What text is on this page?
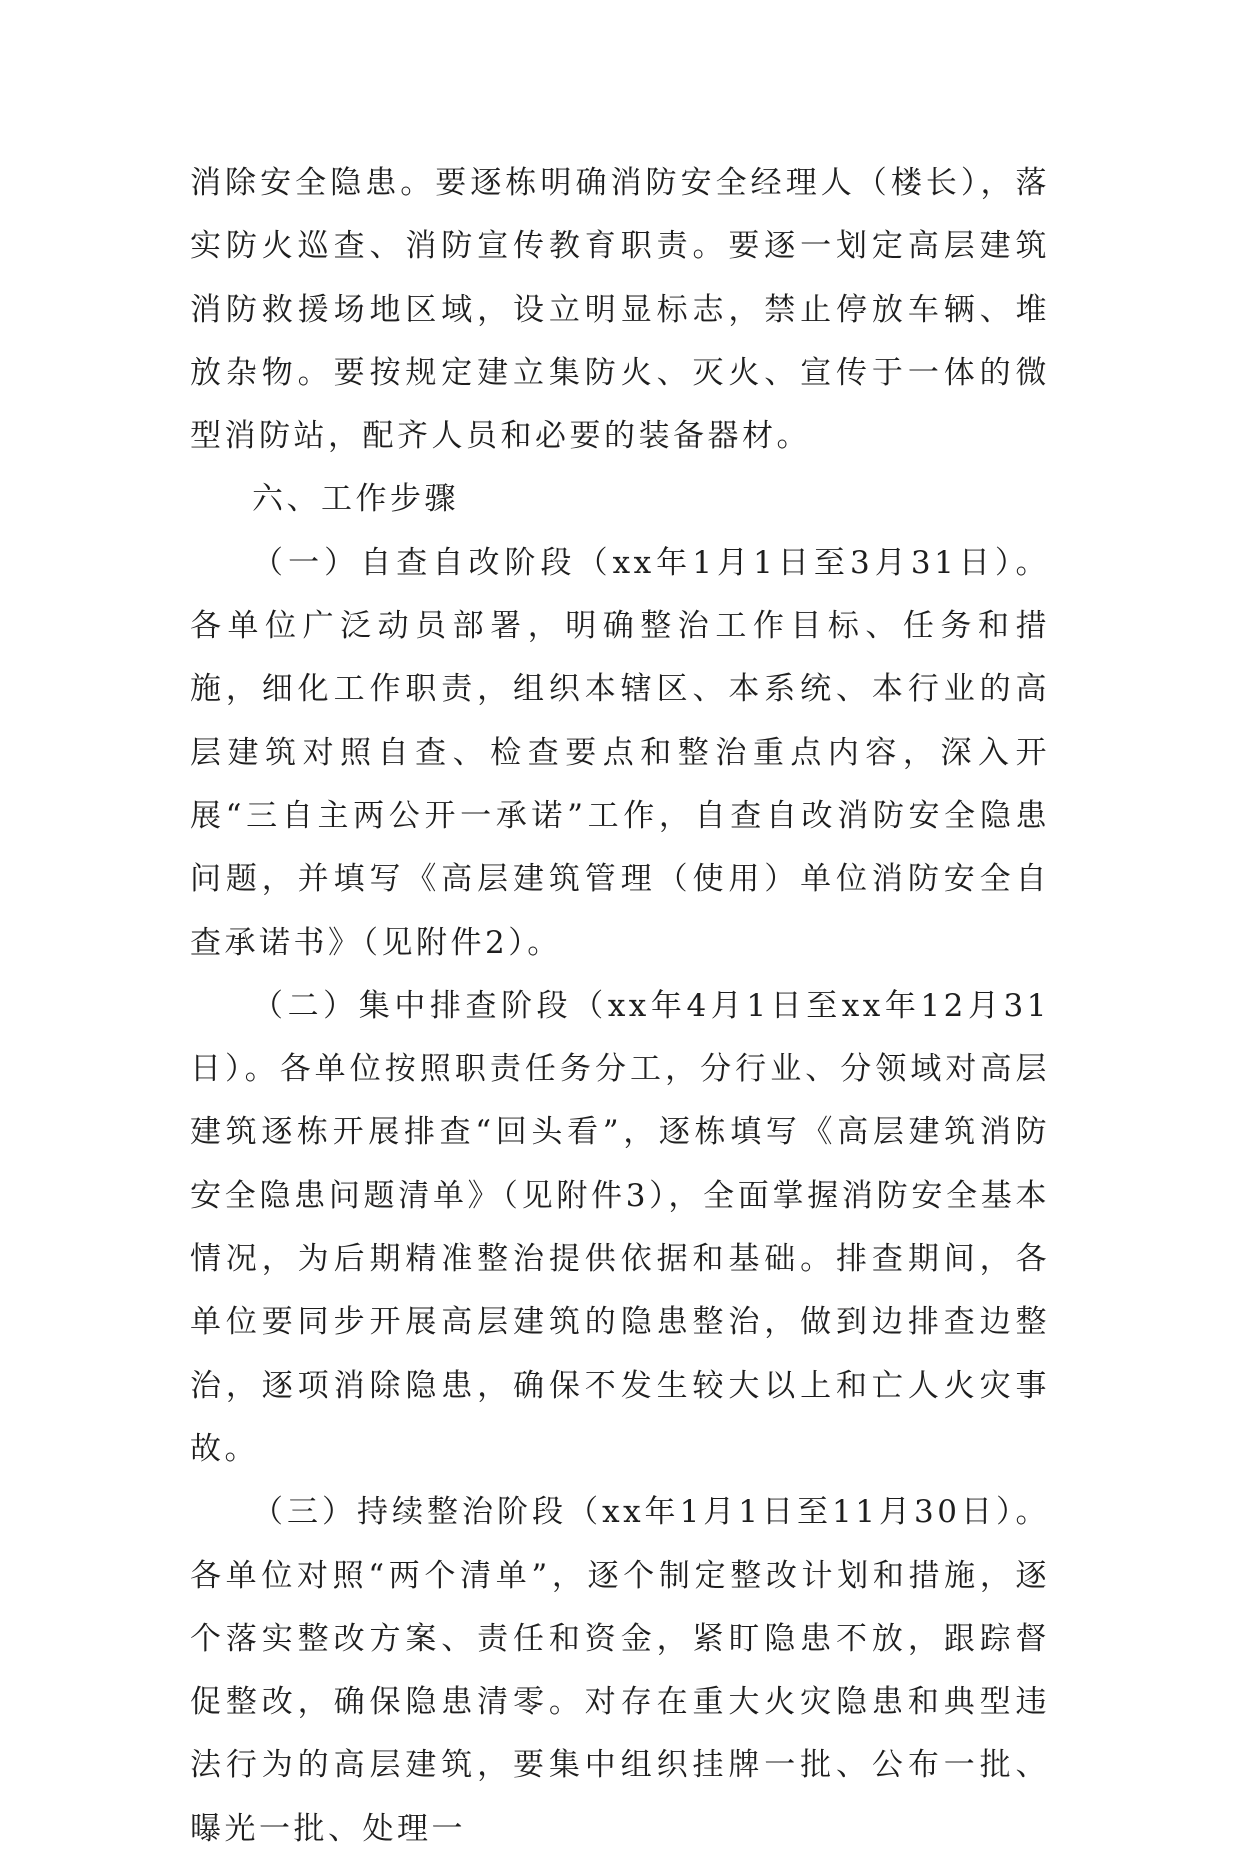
消除安全隐患。要逐栋明确消防安全经理人（楼长），落实防火巡查、消防宣传教育职责。要逐一划定高层建筑消防救援场地区域，设立明显标志，禁止停放车辆、堆放杂物。要按规定建立集防火、灭火、宣传于一体的微型消防站，配齐人员和必要的装备器材。

六、工作步骤

（一）自查自改阶段（xx年1月1日至3月31日）。各单位广泛动员部署，明确整治工作目标、任务和措施，细化工作职责，组织本辖区、本系统、本行业的高层建筑对照自查、检查要点和整治重点内容，深入开展“三自主两公开一承诺”工作，自查自改消防安全隐患问题，并填写《高层建筑管理（使用）单位消防安全自查承诺书》（见附件2）。

（二）集中排查阶段（xx年4月1日至xx年12月31日）。各单位按照职责任务分工，分行业、分领域对高层建筑逐栋开展排查“回头看”，逐栋填写《高层建筑消防安全隐患问题清单》（见附件3），全面掌握消防安全基本情况，为后期精准整治提供依据和基础。排查期间，各单位要同步开展高层建筑的隐患整治，做到边排查边整治，逐项消除隐患，确保不发生较大以上和亡人火灾事故。

（三）持续整治阶段（xx年1月1日至11月30日）。各单位对照“两个清单”，逐个制定整改计划和措施，逐个落实整改方案、责任和资金，紧盯隐患不放，跟踪督促整改，确保隐患清零。对存在重大火灾隐患和典型违法行为的高层建筑，要集中组织挂牌一批、公布一批、曝光一批、处理一
